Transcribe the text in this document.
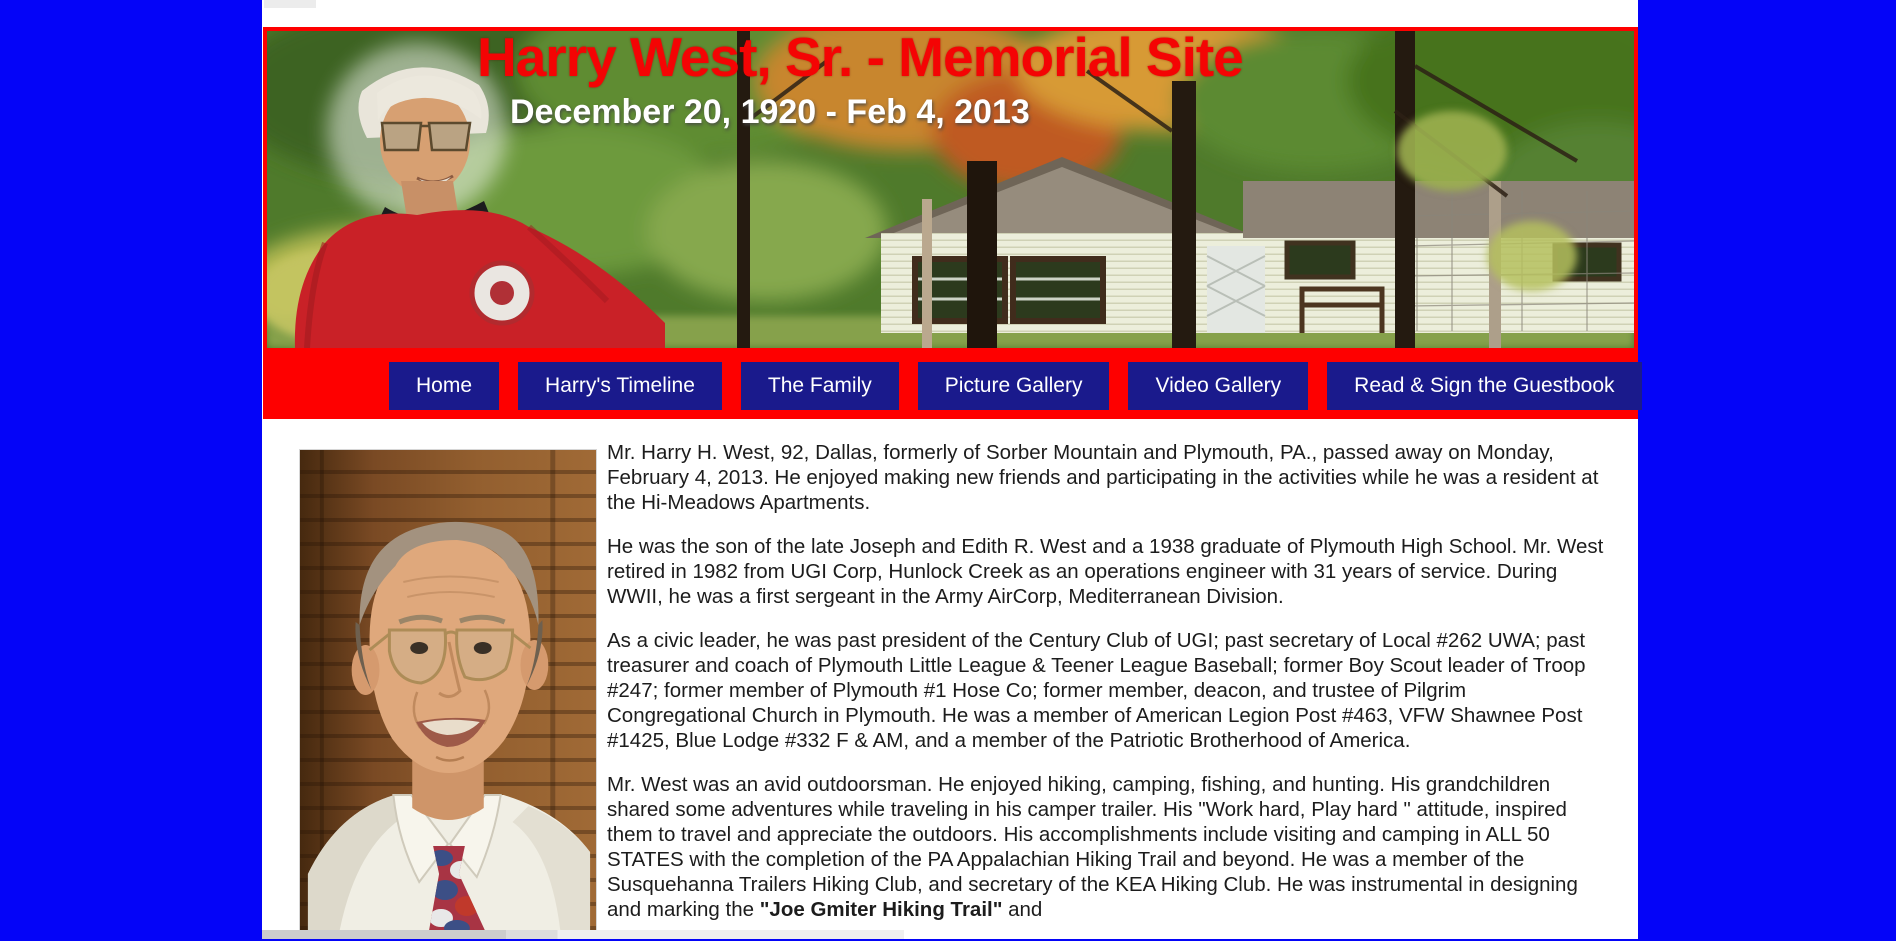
Harry West, Sr. - Memorial Site
December 20, 1920 - Feb 4, 2013
Home	Harry's Timeline	The Family	Picture Gallery	Video Gallery	Read & Sign the Guestbook

Mr. Harry H. West, 92, Dallas, formerly of Sorber Mountain and Plymouth, PA., passed away on Monday, February 4, 2013. He enjoyed making new friends and participating in the activities while he was a resident at the Hi-Meadows Apartments.

He was the son of the late Joseph and Edith R. West and a 1938 graduate of Plymouth High School. Mr. West retired in 1982 from UGI Corp, Hunlock Creek as an operations engineer with 31 years of service. During WWII, he was a first sergeant in the Army AirCorp, Mediterranean Division.

As a civic leader, he was past president of the Century Club of UGI; past secretary of Local #262 UWA; past treasurer and coach of Plymouth Little League & Teener League Baseball; former Boy Scout leader of Troop #247; former member of Plymouth #1 Hose Co; former member, deacon, and trustee of Pilgrim Congregational Church in Plymouth. He was a member of American Legion Post #463, VFW Shawnee Post #1425, Blue Lodge #332 F & AM, and a member of the Patriotic Brotherhood of America.

Mr. West was an avid outdoorsman. He enjoyed hiking, camping, fishing, and hunting. His grandchildren shared some adventures while traveling in his camper trailer. His "Work hard, Play hard " attitude, inspired them to travel and appreciate the outdoors. His accomplishments include visiting and camping in ALL 50 STATES with the completion of the PA Appalachian Hiking Trail and beyond. He was a member of the Susquehanna Trailers Hiking Club, and secretary of the KEA Hiking Club. He was instrumental in designing and marking the "Joe Gmiter Hiking Trail" and
